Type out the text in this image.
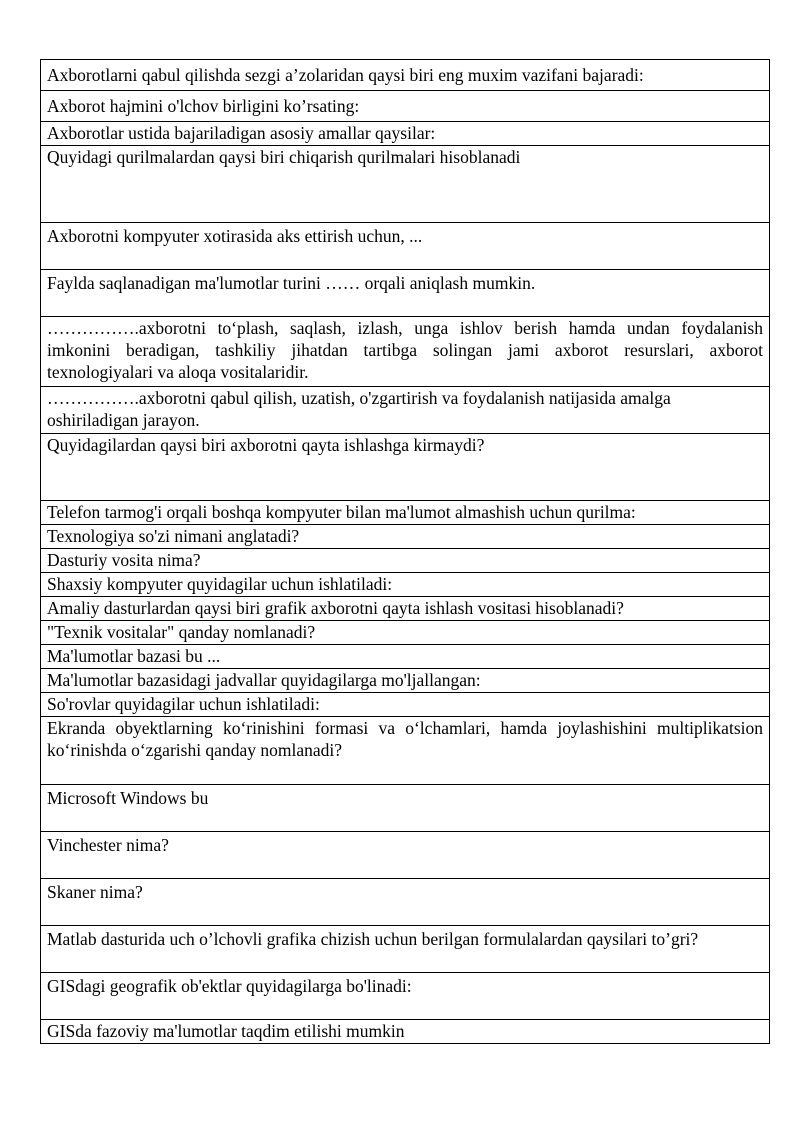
Axborotlarni qabul qilishda sezgi a’zolaridan qaysi biri eng muxim vazifani bajaradi:
Axborot hajmini o'lchov birligini ko’rsating:
Axborotlar ustida bajariladigan asosiy amallar qaysilar:
Quyidagi qurilmalardan qaysi biri chiqarish qurilmalari hisoblanadi
Axborotni kompyuter xotirasida aks ettirish uchun, ...
Faylda saqlanadigan ma'lumotlar turini …… orqali aniqlash mumkin.
…………….axborotni to‘plash, saqlash, izlash, unga ishlov berish hamda undan foydalanish imkonini beradigan, tashkiliy jihatdan tartibga solingan jami axborot resurslari, axborot texnologiyalari va aloqa vositalaridir.
…………….axborotni qabul qilish, uzatish, o'zgartirish va foydalanish natijasida amalga oshiriladigan jarayon.
Quyidagilardan qaysi biri axborotni qayta ishlashga kirmaydi?
Telefon tarmog'i orqali boshqa kompyuter bilan ma'lumot almashish uchun qurilma:
Texnologiya so'zi nimani anglatadi?
Dasturiy vosita nima?
Shaxsiy kompyuter quyidagilar uchun ishlatiladi:
Amaliy dasturlardan qaysi biri grafik axborotni qayta ishlash vositasi hisoblanadi?
"Texnik vositalar" qanday nomlanadi?
Ma'lumotlar bazasi bu ...
Ma'lumotlar bazasidagi jadvallar quyidagilarga mo'ljallangan:
So'rovlar quyidagilar uchun ishlatiladi:
Ekranda obyektlarning ko‘rinishini formasi va o‘lchamlari, hamda joylashishini multiplikatsion ko‘rinishda o‘zgarishi qanday nomlanadi?
Microsoft Windows bu
Vinchester nima?
Skaner nima?
Matlab dasturida uch o’lchovli grafika chizish uchun berilgan formulalardan qaysilari to’gri?
GISdagi geografik ob'ektlar quyidagilarga bo'linadi:
GISda fazoviy ma'lumotlar taqdim etilishi mumkin
